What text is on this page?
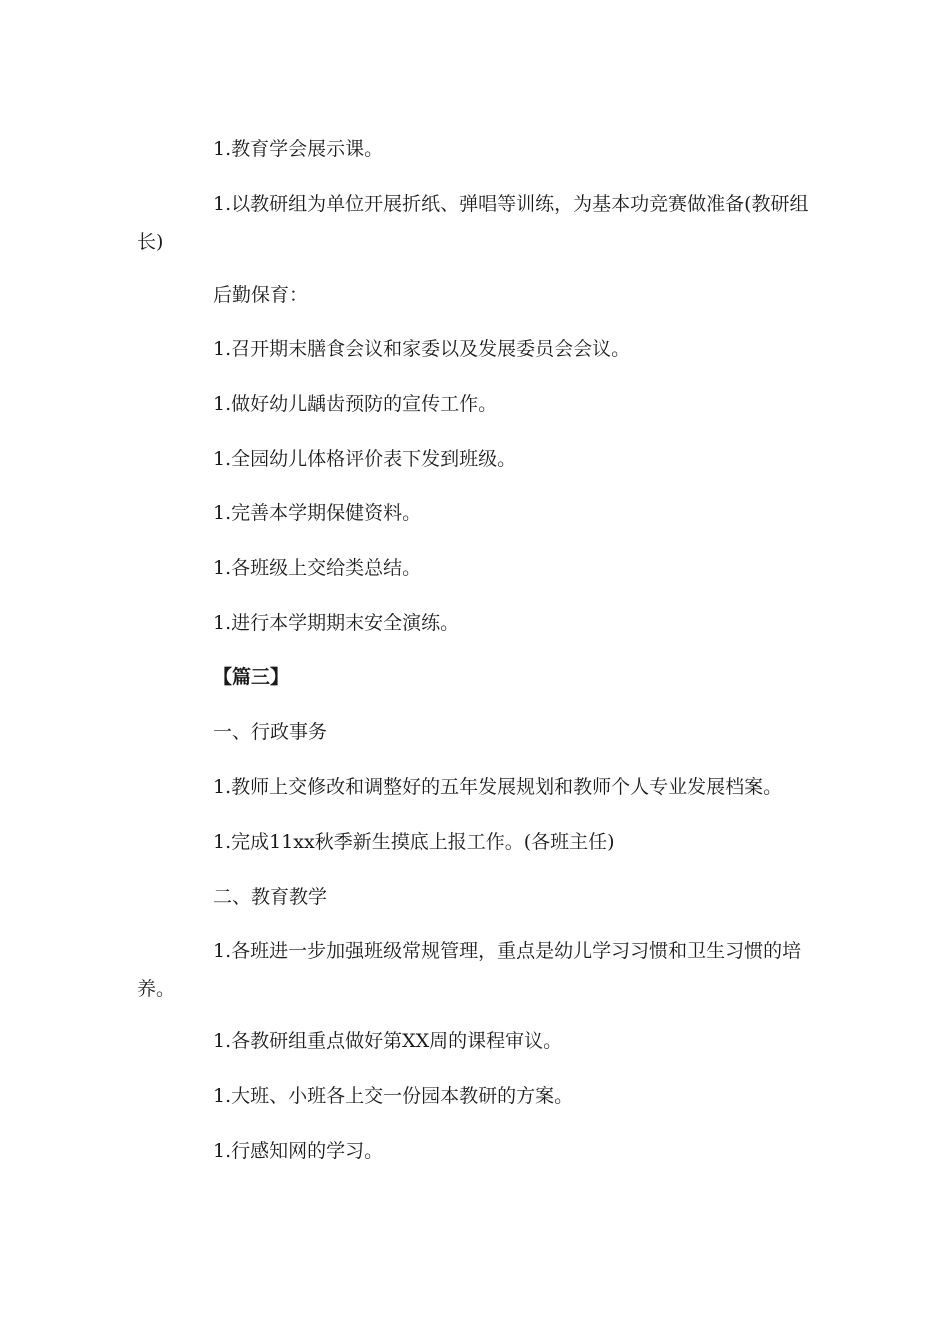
1.教育学会展示课。

1.以教研组为单位开展折纸、弹唱等训练，为基本功竞赛做准备(教研组长)

后勤保育：

1.召开期末膳食会议和家委以及发展委员会会议。

1.做好幼儿龋齿预防的宣传工作。

1.全园幼儿体格评价表下发到班级。

1.完善本学期保健资料。

1.各班级上交给类总结。

1.进行本学期期末安全演练。

【篇三】

一、行政事务

1.教师上交修改和调整好的五年发展规划和教师个人专业发展档案。

1.完成11xx秋季新生摸底上报工作。(各班主任)

二、教育教学

1.各班进一步加强班级常规管理，重点是幼儿学习习惯和卫生习惯的培养。

1.各教研组重点做好第XX周的课程审议。

1.大班、小班各上交一份园本教研的方案。

1.行感知网的学习。
